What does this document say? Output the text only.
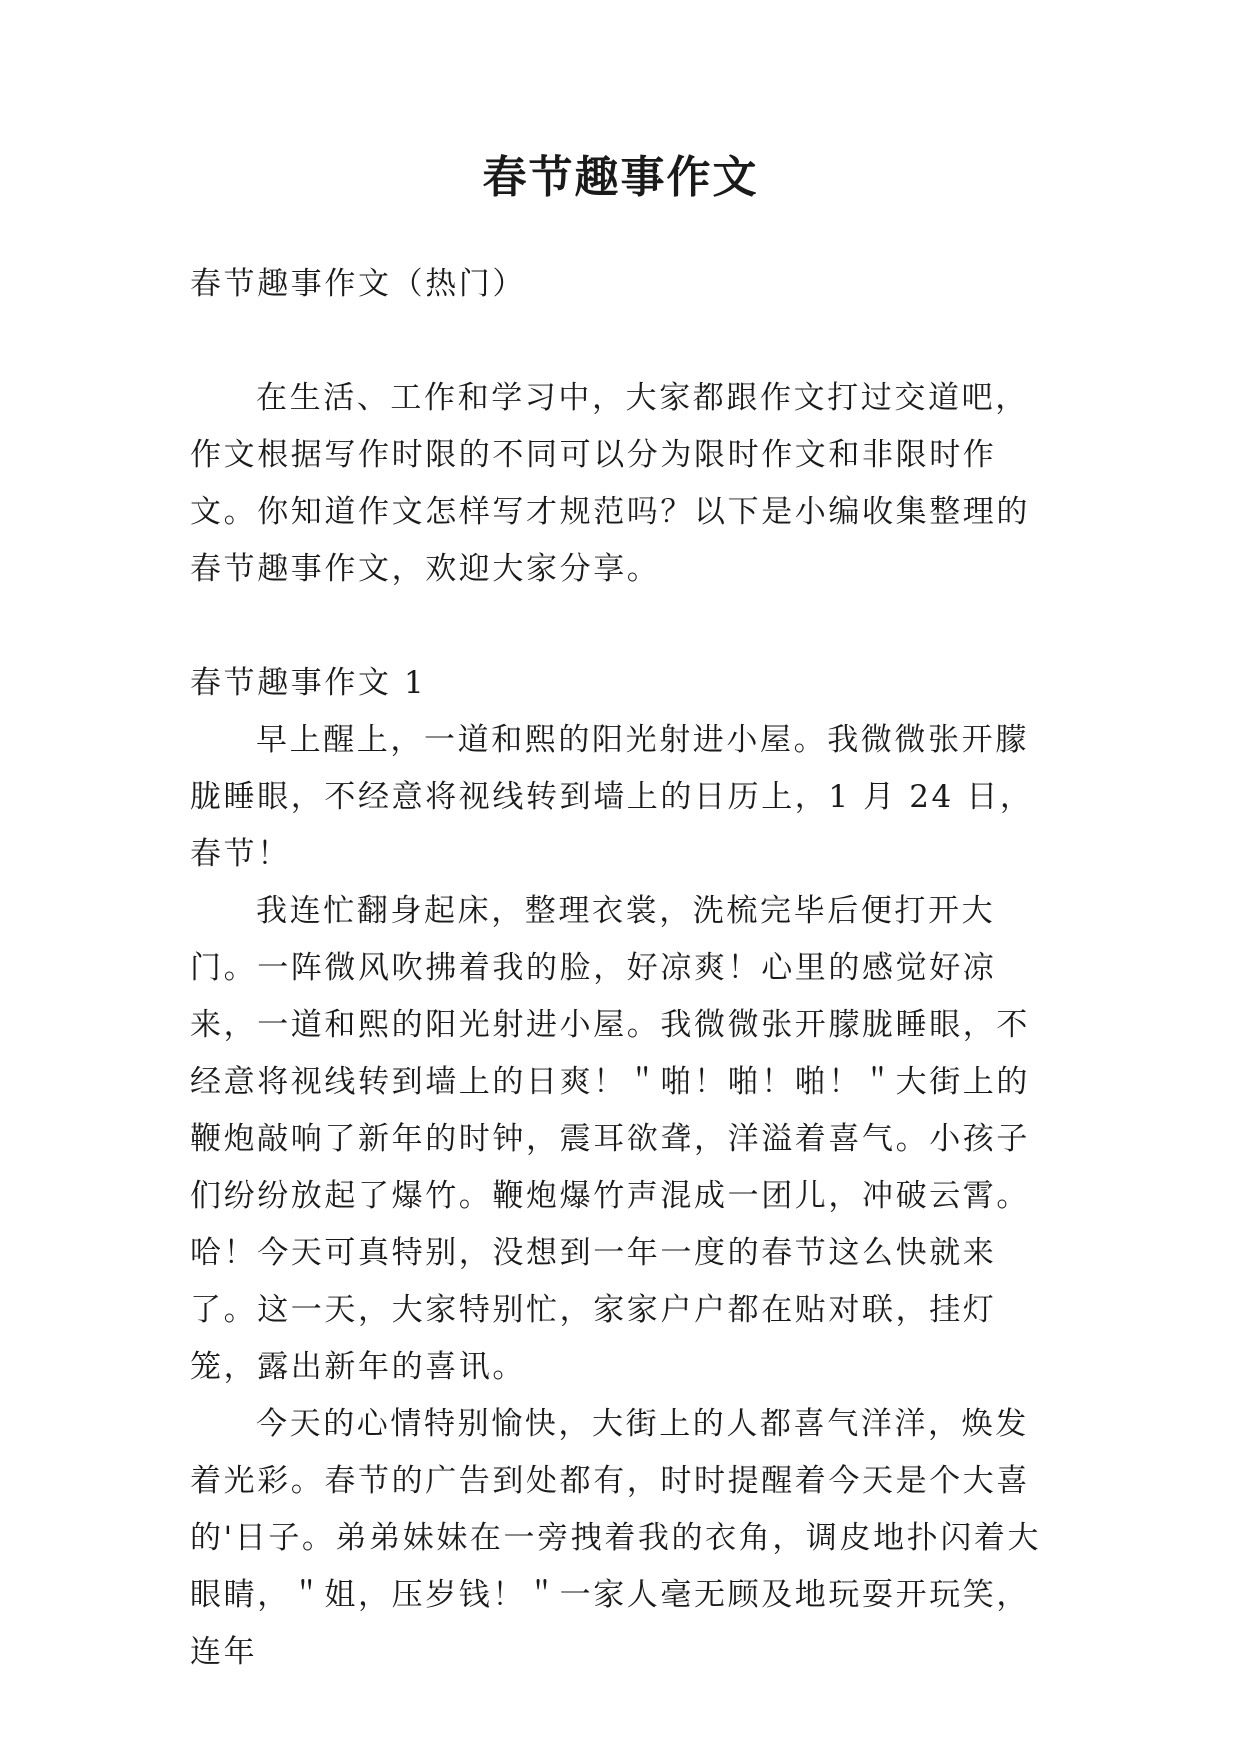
春节趣事作文

春节趣事作文（热门）

在生活、工作和学习中，大家都跟作文打过交道吧，作文根据写作时限的不同可以分为限时作文和非限时作文。你知道作文怎样写才规范吗？以下是小编收集整理的春节趣事作文，欢迎大家分享。

春节趣事作文 1

早上醒上，一道和熙的阳光射进小屋。我微微张开朦胧睡眼，不经意将视线转到墙上的日历上，1 月 24 日，春节！

我连忙翻身起床，整理衣裳，洗梳完毕后便打开大门。一阵微风吹拂着我的脸，好凉爽！心里的感觉好凉来，一道和熙的阳光射进小屋。我微微张开朦胧睡眼，不经意将视线转到墙上的日爽！＂啪！啪！啪！＂大街上的鞭炮敲响了新年的时钟，震耳欲聋，洋溢着喜气。小孩子们纷纷放起了爆竹。鞭炮爆竹声混成一团儿，冲破云霄。哈！今天可真特别，没想到一年一度的春节这么快就来了。这一天，大家特别忙，家家户户都在贴对联，挂灯笼，露出新年的喜讯。

今天的心情特别愉快，大街上的人都喜气洋洋，焕发着光彩。春节的广告到处都有，时时提醒着今天是个大喜的'日子。弟弟妹妹在一旁拽着我的衣角，调皮地扑闪着大眼睛，＂姐，压岁钱！＂一家人毫无顾及地玩耍开玩笑，连年
